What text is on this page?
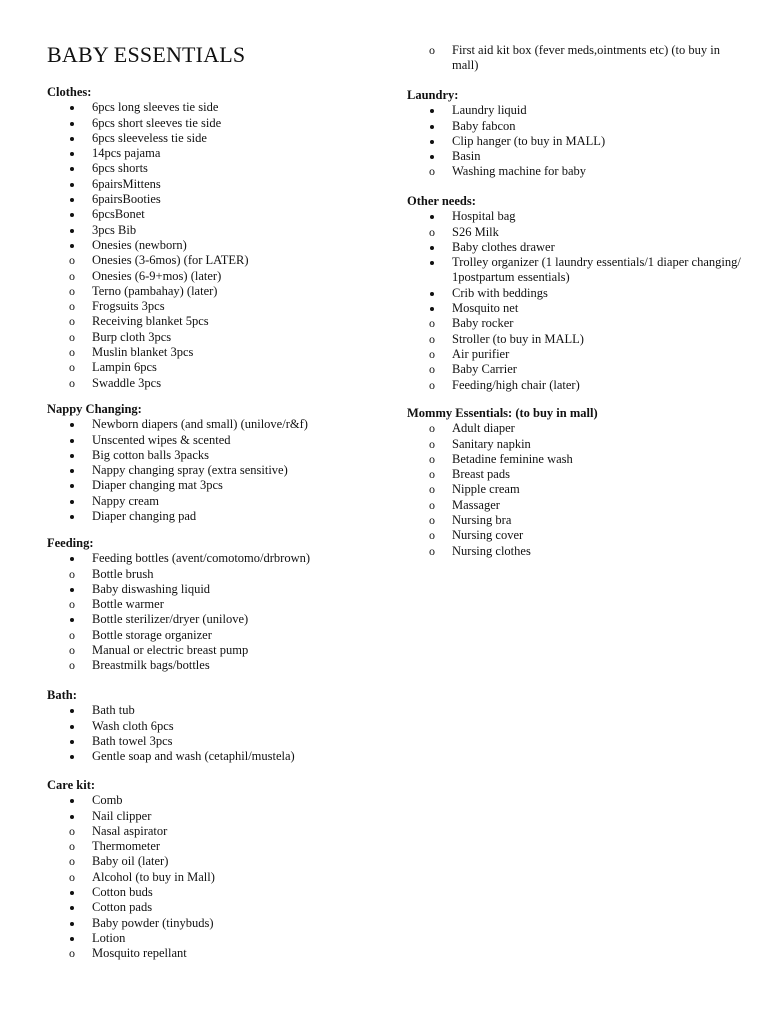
BABY ESSENTIALS
Clothes:
6pcs long sleeves tie side
6pcs short sleeves tie side
6pcs sleeveless tie side
14pcs pajama
6pcs shorts
6pairsMittens
6pairsBooties
6pcsBonet
3pcs Bib
Onesies (newborn)
Onesies (3-6mos) (for LATER)
Onesies (6-9+mos) (later)
Terno (pambahay) (later)
Frogsuits 3pcs
Receiving blanket 5pcs
Burp cloth 3pcs
Muslin blanket 3pcs
Lampin 6pcs
Swaddle 3pcs
Nappy Changing:
Newborn diapers (and small) (unilove/r&f)
Unscented wipes & scented
Big cotton balls 3packs
Nappy changing spray (extra sensitive)
Diaper changing mat 3pcs
Nappy cream
Diaper changing pad
Feeding:
Feeding bottles (avent/comotomo/drbrown)
Bottle brush
Baby diswashing liquid
Bottle warmer
Bottle sterilizer/dryer (unilove)
Bottle storage organizer
Manual or electric breast pump
Breastmilk bags/bottles
Bath:
Bath tub
Wash cloth 6pcs
Bath towel 3pcs
Gentle soap and wash (cetaphil/mustela)
Care kit:
Comb
Nail clipper
Nasal aspirator
Thermometer
Baby oil (later)
Alcohol (to buy in Mall)
Cotton buds
Cotton pads
Baby powder (tinybuds)
Lotion
Mosquito repellant
First aid kit box (fever meds,ointments etc) (to buy in mall)
Laundry:
Laundry liquid
Baby fabcon
Clip hanger (to buy in MALL)
Basin
Washing machine for baby
Other needs:
Hospital bag
S26 Milk
Baby clothes drawer
Trolley organizer (1 laundry essentials/1 diaper changing/ 1postpartum essentials)
Crib with beddings
Mosquito net
Baby rocker
Stroller (to buy in MALL)
Air purifier
Baby Carrier
Feeding/high chair (later)
Mommy Essentials: (to buy in mall)
Adult diaper
Sanitary napkin
Betadine feminine wash
Breast pads
Nipple cream
Massager
Nursing bra
Nursing cover
Nursing clothes
